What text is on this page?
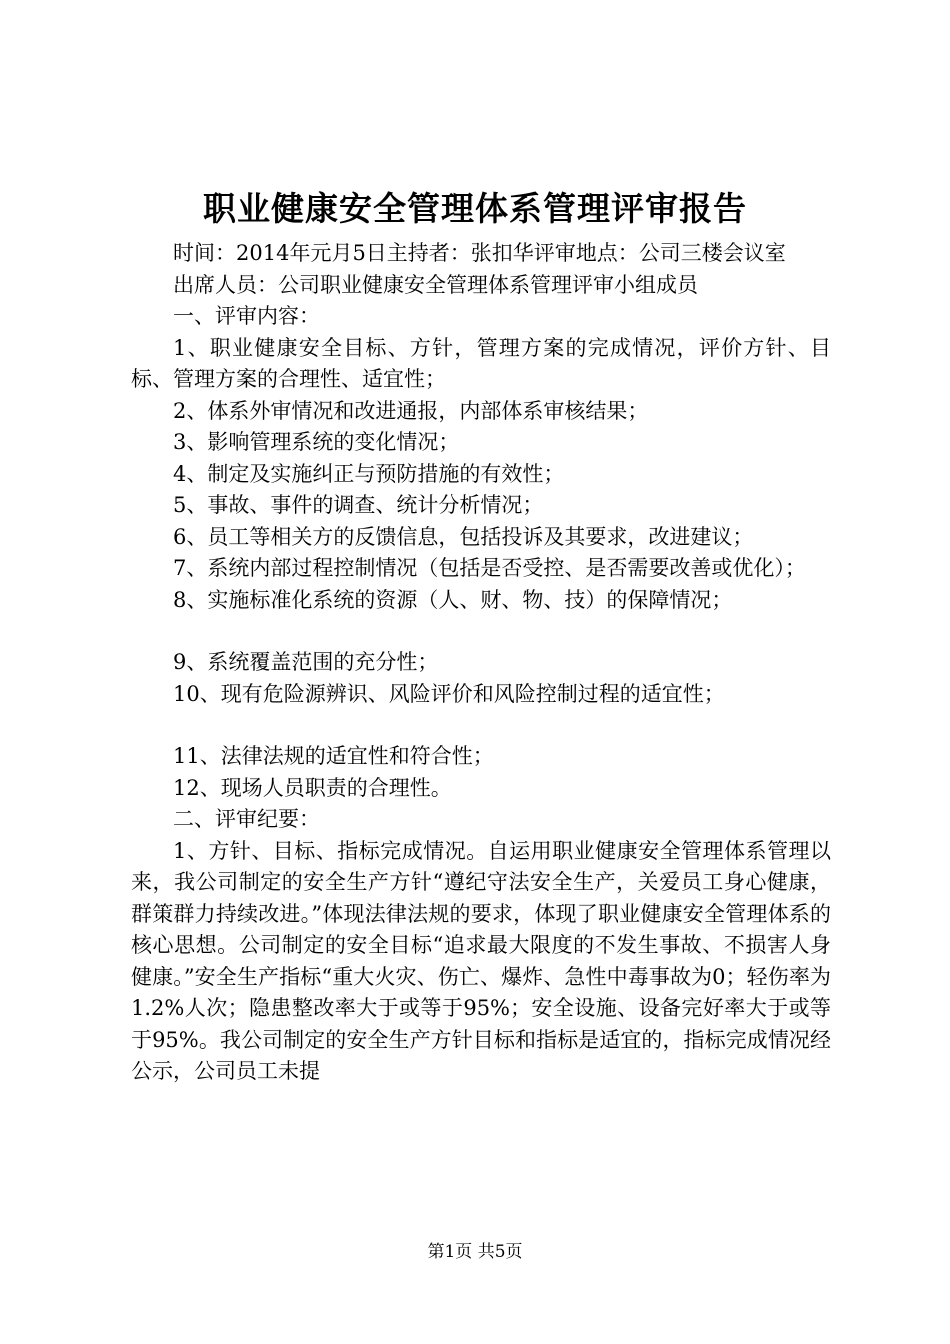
职业健康安全管理体系管理评审报告

时间：2014年元月5日主持者：张扣华评审地点：公司三楼会议室

出席人员：公司职业健康安全管理体系管理评审小组成员

一、评审内容：

1、职业健康安全目标、方针，管理方案的完成情况，评价方针、目标、管理方案的合理性、适宜性；

2、体系外审情况和改进通报，内部体系审核结果；

3、影响管理系统的变化情况；

4、制定及实施纠正与预防措施的有效性；

5、事故、事件的调查、统计分析情况；

6、员工等相关方的反馈信息，包括投诉及其要求，改进建议；

7、系统内部过程控制情况（包括是否受控、是否需要改善或优化）；

8、实施标准化系统的资源（人、财、物、技）的保障情况；

9、系统覆盖范围的充分性；

10、现有危险源辨识、风险评价和风险控制过程的适宜性；

11、法律法规的适宜性和符合性；

12、现场人员职责的合理性。

二、评审纪要：

1、方针、目标、指标完成情况。自运用职业健康安全管理体系管理以来，我公司制定的安全生产方针“遵纪守法安全生产，关爱员工身心健康，群策群力持续改进。”体现法律法规的要求，体现了职业健康安全管理体系的核心思想。公司制定的安全目标“追求最大限度的不发生事故、不损害人身健康。”安全生产指标“重大火灾、伤亡、爆炸、急性中毒事故为0；轻伤率为1.2%人次；隐患整改率大于或等于95%；安全设施、设备完好率大于或等于95%。我公司制定的安全生产方针目标和指标是适宜的，指标完成情况经公示，公司员工未提

第1页 共5页
